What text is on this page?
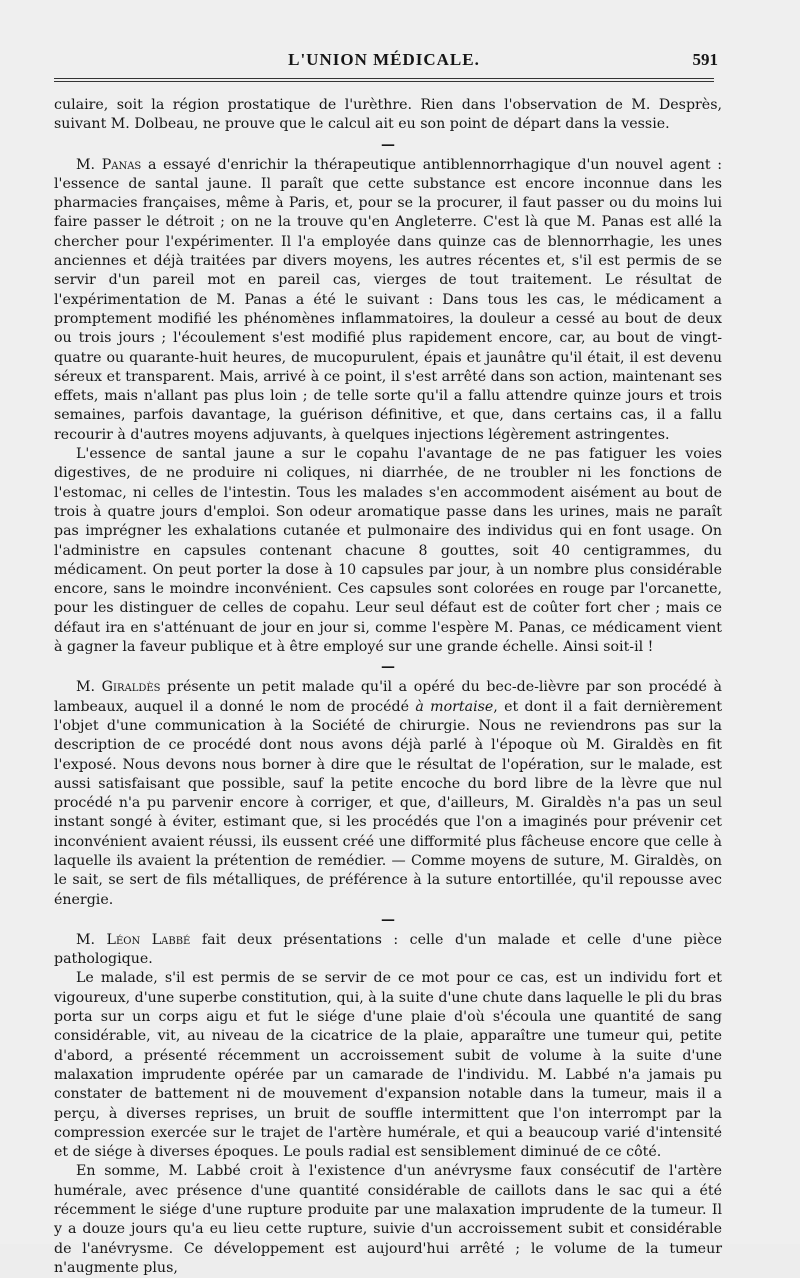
L'UNION MÉDICALE.	591

culaire, soit la région prostatique de l'urèthre. Rien dans l'observation de M. Desprès, suivant M. Dolbeau, ne prouve que le calcul ait eu son point de départ dans la vessie.

—

M. Panas a essayé d'enrichir la thérapeutique antiblennorrhagique d'un nouvel agent : l'essence de santal jaune. Il paraît que cette substance est encore inconnue dans les pharmacies françaises, même à Paris, et, pour se la procurer, il faut passer ou du moins lui faire passer le détroit ; on ne la trouve qu'en Angleterre. C'est là que M. Panas est allé la chercher pour l'expérimenter. Il l'a employée dans quinze cas de blennorrhagie, les unes anciennes et déjà traitées par divers moyens, les autres récentes et, s'il est permis de se servir d'un pareil mot en pareil cas, vierges de tout traitement. Le résultat de l'expérimentation de M. Panas a été le suivant : Dans tous les cas, le médicament a promptement modifié les phénomènes inflammatoires, la douleur a cessé au bout de deux ou trois jours ; l'écoulement s'est modifié plus rapidement encore, car, au bout de vingt-quatre ou quarante-huit heures, de mucopurulent, épais et jaunâtre qu'il était, il est devenu séreux et transparent. Mais, arrivé à ce point, il s'est arrêté dans son action, maintenant ses effets, mais n'allant pas plus loin ; de telle sorte qu'il a fallu attendre quinze jours et trois semaines, parfois davantage, la guérison définitive, et que, dans certains cas, il a fallu recourir à d'autres moyens adjuvants, à quelques injections légèrement astringentes.

L'essence de santal jaune a sur le copahu l'avantage de ne pas fatiguer les voies digestives, de ne produire ni coliques, ni diarrhée, de ne troubler ni les fonctions de l'estomac, ni celles de l'intestin. Tous les malades s'en accommodent aisément au bout de trois à quatre jours d'emploi. Son odeur aromatique passe dans les urines, mais ne paraît pas imprégner les exhalations cutanée et pulmonaire des individus qui en font usage. On l'administre en capsules contenant chacune 8 gouttes, soit 40 centigrammes, du médicament. On peut porter la dose à 10 capsules par jour, à un nombre plus considérable encore, sans le moindre inconvénient. Ces capsules sont colorées en rouge par l'orcanette, pour les distinguer de celles de copahu. Leur seul défaut est de coûter fort cher ; mais ce défaut ira en s'atténuant de jour en jour si, comme l'espère M. Panas, ce médicament vient à gagner la faveur publique et à être employé sur une grande échelle. Ainsi soit-il !

—

M. Giraldès présente un petit malade qu'il a opéré du bec-de-lièvre par son procédé à lambeaux, auquel il a donné le nom de procédé à mortaise, et dont il a fait dernièrement l'objet d'une communication à la Société de chirurgie. Nous ne reviendrons pas sur la description de ce procédé dont nous avons déjà parlé à l'époque où M. Giraldès en fit l'exposé. Nous devons nous borner à dire que le résultat de l'opération, sur le malade, est aussi satisfaisant que possible, sauf la petite encoche du bord libre de la lèvre que nul procédé n'a pu parvenir encore à corriger, et que, d'ailleurs, M. Giraldès n'a pas un seul instant songé à éviter, estimant que, si les procédés que l'on a imaginés pour prévenir cet inconvénient avaient réussi, ils eussent créé une difformité plus fâcheuse encore que celle à laquelle ils avaient la prétention de remédier. — Comme moyens de suture, M. Giraldès, on le sait, se sert de fils métalliques, de préférence à la suture entortillée, qu'il repousse avec énergie.

—

M. Léon Labbé fait deux présentations : celle d'un malade et celle d'une pièce pathologique.

Le malade, s'il est permis de se servir de ce mot pour ce cas, est un individu fort et vigoureux, d'une superbe constitution, qui, à la suite d'une chute dans laquelle le pli du bras porta sur un corps aigu et fut le siége d'une plaie d'où s'écoula une quantité de sang considérable, vit, au niveau de la cicatrice de la plaie, apparaître une tumeur qui, petite d'abord, a présenté récemment un accroissement subit de volume à la suite d'une malaxation imprudente opérée par un camarade de l'individu. M. Labbé n'a jamais pu constater de battement ni de mouvement d'expansion notable dans la tumeur, mais il a perçu, à diverses reprises, un bruit de souffle intermittent que l'on interrompt par la compression exercée sur le trajet de l'artère humérale, et qui a beaucoup varié d'intensité et de siége à diverses époques. Le pouls radial est sensiblement diminué de ce côté.

En somme, M. Labbé croit à l'existence d'un anévrysme faux consécutif de l'artère humérale, avec présence d'une quantité considérable de caillots dans le sac qui a été récemment le siége d'une rupture produite par une malaxation imprudente de la tumeur. Il y a douze jours qu'a eu lieu cette rupture, suivie d'un accroissement subit et considérable de l'anévrysme. Ce développement est aujourd'hui arrêté ; le volume de la tumeur n'augmente plus,
